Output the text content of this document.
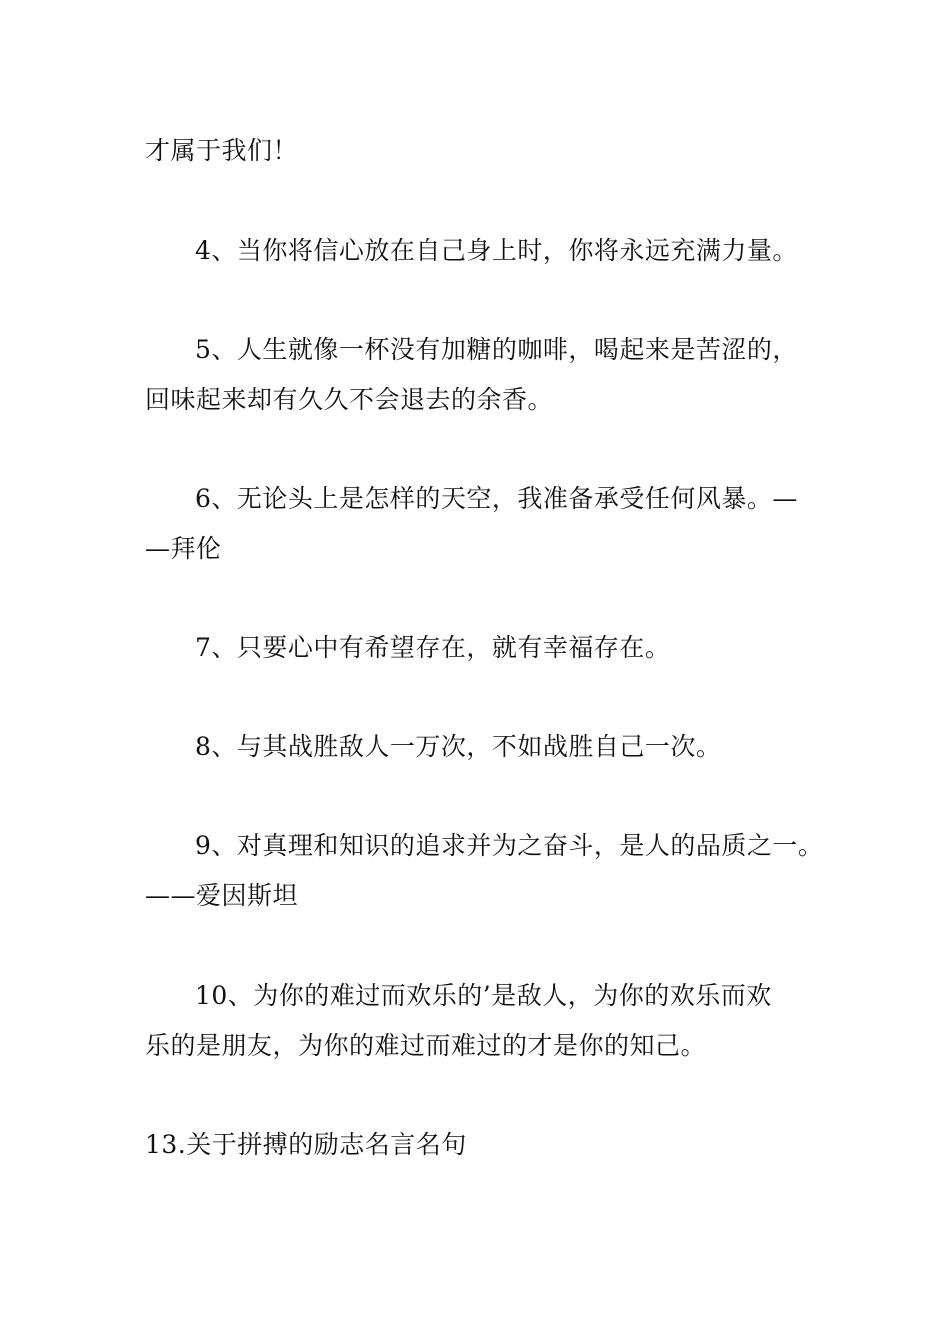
才属于我们！
4、当你将信心放在自己身上时，你将永远充满力量。
5、人生就像一杯没有加糖的咖啡，喝起来是苦涩的，
回味起来却有久久不会退去的余香。
6、无论头上是怎样的天空，我准备承受任何风暴。—
—拜伦
7、只要心中有希望存在，就有幸福存在。
8、与其战胜敌人一万次，不如战胜自己一次。
9、对真理和知识的追求并为之奋斗，是人的品质之一。
——爱因斯坦
10、为你的难过而欢乐的’是敌人，为你的欢乐而欢
乐的是朋友，为你的难过而难过的才是你的知己。
13.关于拼搏的励志名言名句
